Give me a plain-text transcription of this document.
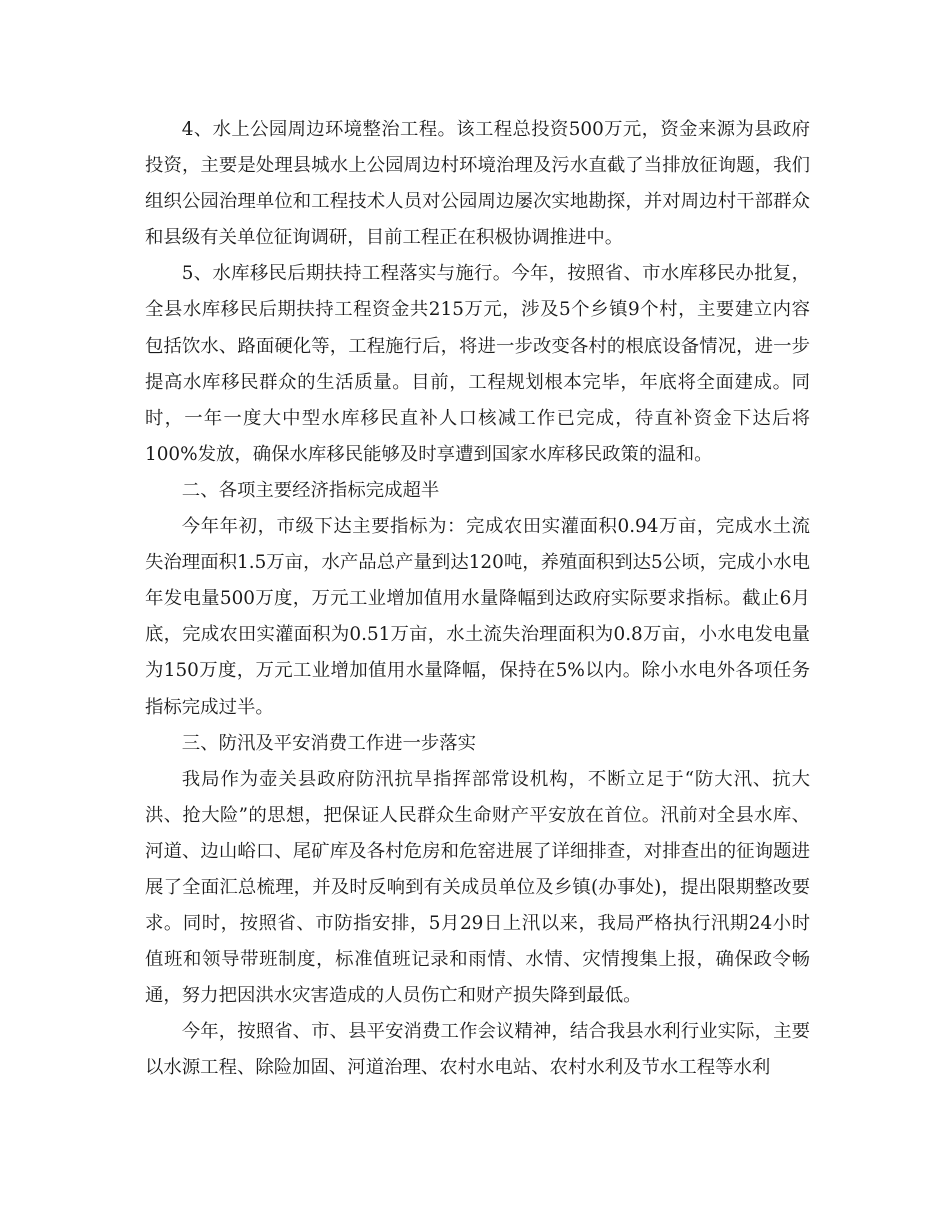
4、水上公园周边环境整治工程。该工程总投资500万元，资金来源为县政府投资，主要是处理县城水上公园周边村环境治理及污水直截了当排放征询题，我们组织公园治理单位和工程技术人员对公园周边屡次实地勘探，并对周边村干部群众和县级有关单位征询调研，目前工程正在积极协调推进中。

5、水库移民后期扶持工程落实与施行。今年，按照省、市水库移民办批复，全县水库移民后期扶持工程资金共215万元，涉及5个乡镇9个村，主要建立内容包括饮水、路面硬化等，工程施行后，将进一步改变各村的根底设备情况，进一步提高水库移民群众的生活质量。目前，工程规划根本完毕，年底将全面建成。同时，一年一度大中型水库移民直补人口核减工作已完成，待直补资金下达后将100%发放，确保水库移民能够及时享遭到国家水库移民政策的温和。

二、各项主要经济指标完成超半

今年年初，市级下达主要指标为：完成农田实灌面积0.94万亩，完成水土流失治理面积1.5万亩，水产品总产量到达120吨，养殖面积到达5公顷，完成小水电年发电量500万度，万元工业增加值用水量降幅到达政府实际要求指标。截止6月底，完成农田实灌面积为0.51万亩，水土流失治理面积为0.8万亩，小水电发电量为150万度，万元工业增加值用水量降幅，保持在5%以内。除小水电外各项任务指标完成过半。

三、防汛及平安消费工作进一步落实

我局作为壶关县政府防汛抗旱指挥部常设机构，不断立足于“防大汛、抗大洪、抢大险”的思想，把保证人民群众生命财产平安放在首位。汛前对全县水库、河道、边山峪口、尾矿库及各村危房和危窑进展了详细排查，对排查出的征询题进展了全面汇总梳理，并及时反响到有关成员单位及乡镇(办事处)，提出限期整改要求。同时，按照省、市防指安排，5月29日上汛以来，我局严格执行汛期24小时值班和领导带班制度，标准值班记录和雨情、水情、灾情搜集上报，确保政令畅通，努力把因洪水灾害造成的人员伤亡和财产损失降到最低。

今年，按照省、市、县平安消费工作会议精神，结合我县水利行业实际，主要以水源工程、除险加固、河道治理、农村水电站、农村水利及节水工程等水利
